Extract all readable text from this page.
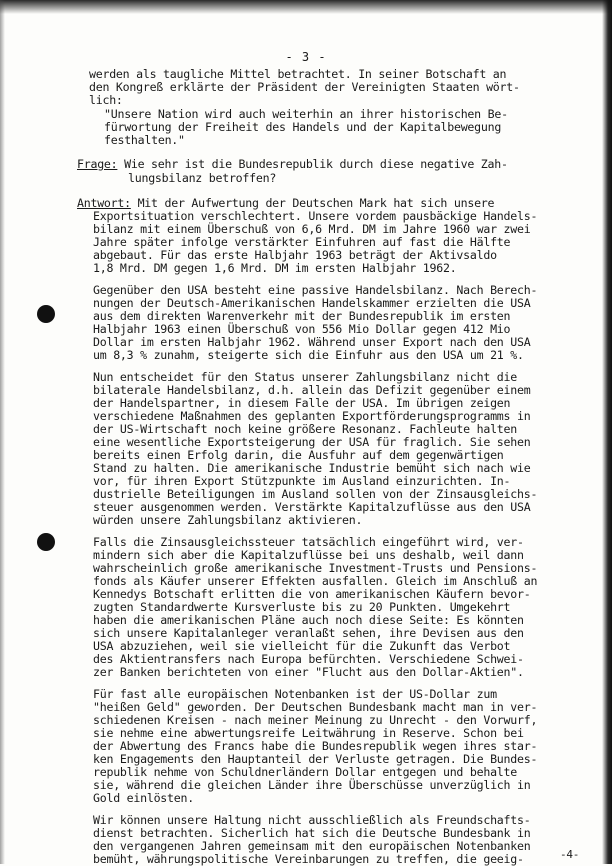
- 3 -
werden als taugliche Mittel betrachtet. In seiner Botschaft an
den Kongreß erklärte der Präsident der Vereinigten Staaten wört-
lich:
"Unsere Nation wird auch weiterhin an ihrer historischen Be-
fürwortung der Freiheit des Handels und der Kapitalbewegung
festhalten."
Frage: Wie sehr ist die Bundesrepublik durch diese negative Zah-
lungsbilanz betroffen?
Antwort: Mit der Aufwertung der Deutschen Mark hat sich unsere
Exportsituation verschlechtert. Unsere vordem pausbäckige Handels-
bilanz mit einem Überschuß von 6,6 Mrd. DM im Jahre 1960 war zwei
Jahre später infolge verstärkter Einfuhren auf fast die Hälfte
abgebaut. Für das erste Halbjahr 1963 beträgt der Aktivsaldo
1,8 Mrd. DM gegen 1,6 Mrd. DM im ersten Halbjahr 1962.
Gegenüber den USA besteht eine passive Handelsbilanz. Nach Berech-
nungen der Deutsch-Amerikanischen Handelskammer erzielten die USA
aus dem direkten Warenverkehr mit der Bundesrepublik im ersten
Halbjahr 1963 einen Überschuß von 556 Mio Dollar gegen 412 Mio
Dollar im ersten Halbjahr 1962. Während unser Export nach den USA
um 8,3 % zunahm, steigerte sich die Einfuhr aus den USA um 21 %.
Nun entscheidet für den Status unserer Zahlungsbilanz nicht die
bilaterale Handelsbilanz, d.h. allein das Defizit gegenüber einem
der Handelspartner, in diesem Falle der USA. Im übrigen zeigen
verschiedene Maßnahmen des geplanten Exportförderungsprogramms in
der US-Wirtschaft noch keine größere Resonanz. Fachleute halten
eine wesentliche Exportsteigerung der USA für fraglich. Sie sehen
bereits einen Erfolg darin, die Ausfuhr auf dem gegenwärtigen
Stand zu halten. Die amerikanische Industrie bemüht sich nach wie
vor, für ihren Export Stützpunkte im Ausland einzurichten. In-
dustrielle Beteiligungen im Ausland sollen von der Zinsausgleichs-
steuer ausgenommen werden. Verstärkte Kapitalzuflüsse aus den USA
würden unsere Zahlungsbilanz aktivieren.
Falls die Zinsausgleichssteuer tatsächlich eingeführt wird, ver-
mindern sich aber die Kapitalzuflüsse bei uns deshalb, weil dann
wahrscheinlich große amerikanische Investment-Trusts und Pensions-
fonds als Käufer unserer Effekten ausfallen. Gleich im Anschluß an
Kennedys Botschaft erlitten die von amerikanischen Käufern bevor-
zugten Standardwerte Kursverluste bis zu 20 Punkten. Umgekehrt
haben die amerikanischen Pläne auch noch diese Seite: Es könnten
sich unsere Kapitalanleger veranlaßt sehen, ihre Devisen aus den
USA abzuziehen, weil sie vielleicht für die Zukunft das Verbot
des Aktientransfers nach Europa befürchten. Verschiedene Schwei-
zer Banken berichteten von einer "Flucht aus den Dollar-Aktien".
Für fast alle europäischen Notenbanken ist der US-Dollar zum
"heißen Geld" geworden. Der Deutschen Bundesbank macht man in ver-
schiedenen Kreisen - nach meiner Meinung zu Unrecht - den Vorwurf,
sie nehme eine abwertungsreife Leitwährung in Reserve. Schon bei
der Abwertung des Francs habe die Bundesrepublik wegen ihres star-
ken Engagements den Hauptanteil der Verluste getragen. Die Bundes-
republik nehme von Schuldnerländern Dollar entgegen und behalte
sie, während die gleichen Länder ihre Überschüsse unverzüglich in
Gold einlösten.
Wir können unsere Haltung nicht ausschließlich als Freundschafts-
dienst betrachten. Sicherlich hat sich die Deutsche Bundesbank in
den vergangenen Jahren gemeinsam mit den europäischen Notenbanken
bemüht, währungspolitische Vereinbarungen zu treffen, die geeig-	-4-
